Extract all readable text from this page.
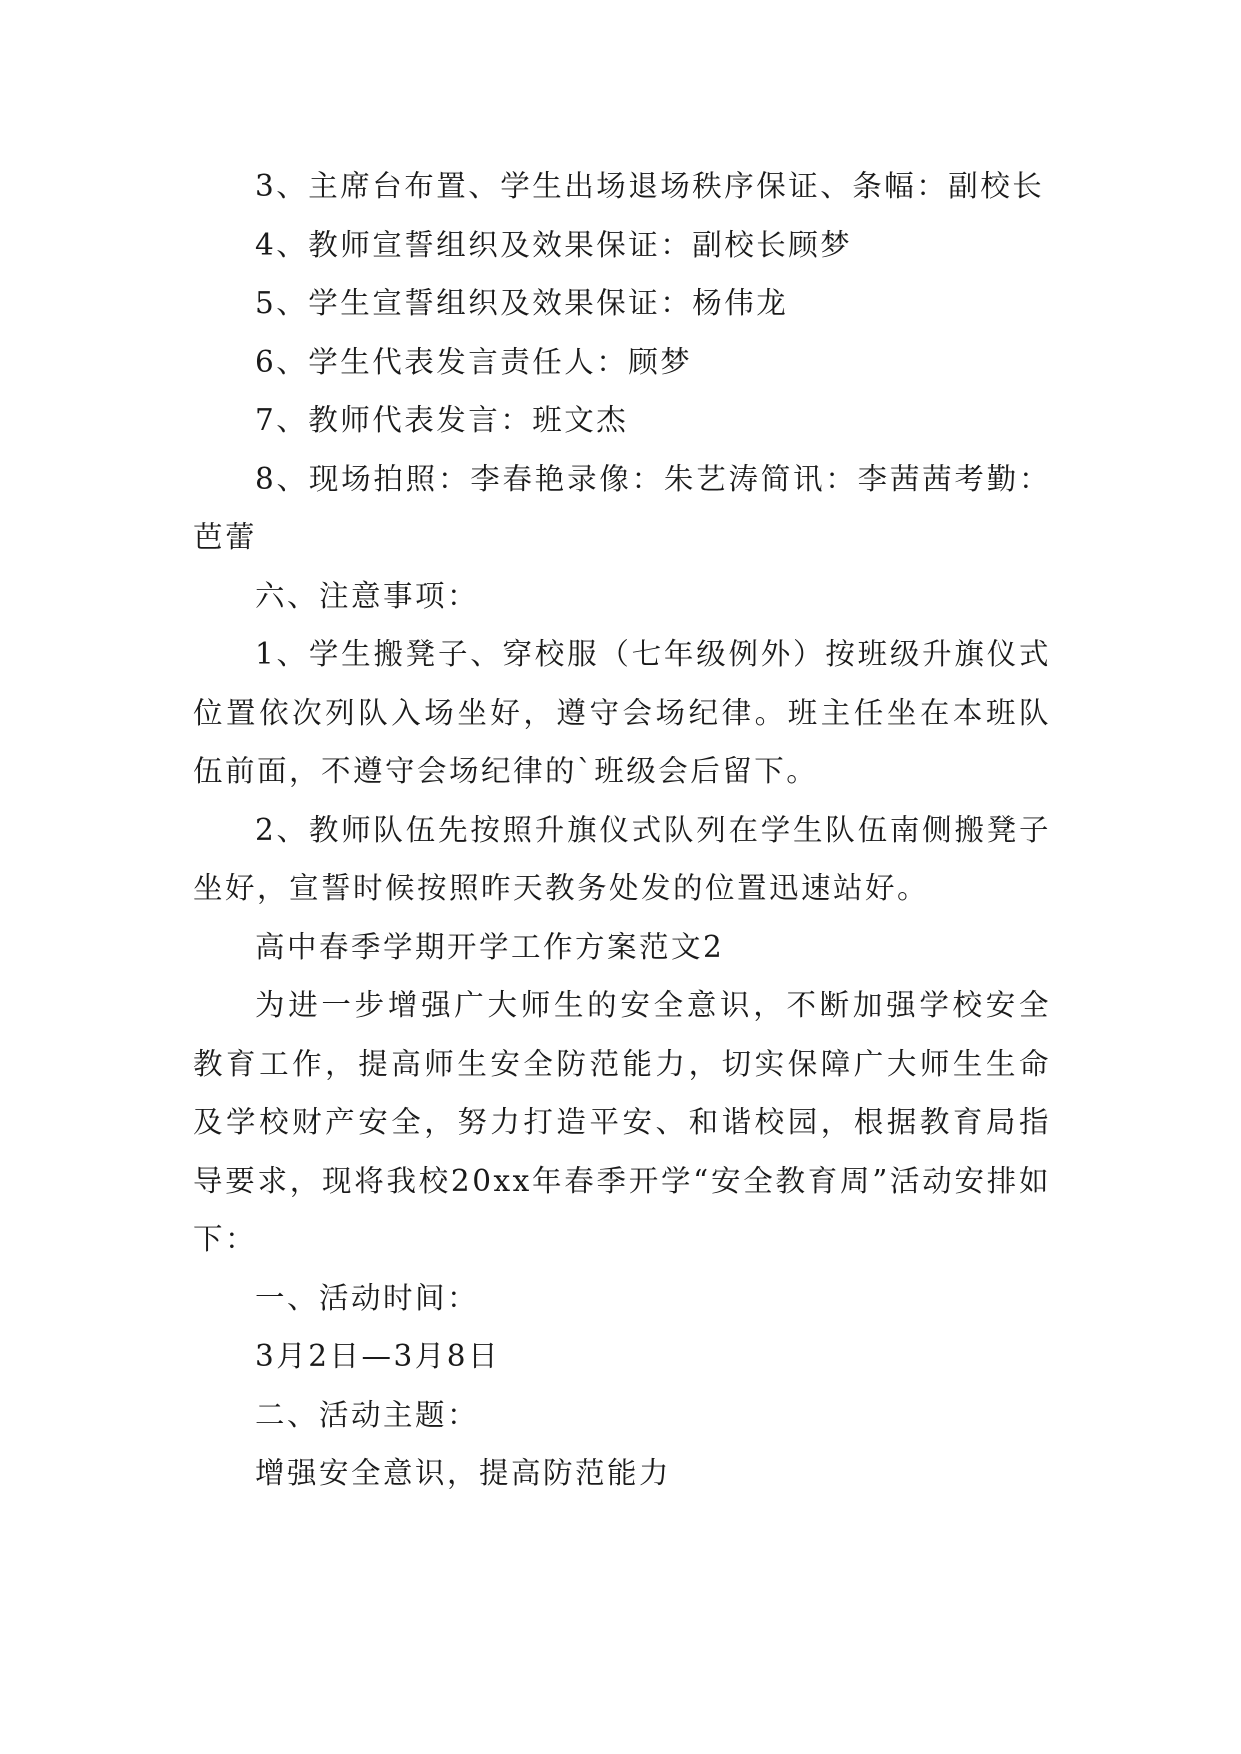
3、主席台布置、学生出场退场秩序保证、条幅：副校长

4、教师宣誓组织及效果保证：副校长顾梦

5、学生宣誓组织及效果保证：杨伟龙

6、学生代表发言责任人：顾梦

7、教师代表发言：班文杰

8、现场拍照：李春艳录像：朱艺涛简讯：李茜茜考勤：芭蕾

六、注意事项：

1、学生搬凳子、穿校服（七年级例外）按班级升旗仪式位置依次列队入场坐好，遵守会场纪律。班主任坐在本班队伍前面，不遵守会场纪律的`班级会后留下。

2、教师队伍先按照升旗仪式队列在学生队伍南侧搬凳子坐好，宣誓时候按照昨天教务处发的位置迅速站好。

高中春季学期开学工作方案范文2

为进一步增强广大师生的安全意识，不断加强学校安全教育工作，提高师生安全防范能力，切实保障广大师生生命及学校财产安全，努力打造平安、和谐校园，根据教育局指导要求，现将我校20xx年春季开学“安全教育周”活动安排如下：

一、活动时间：

3月2日—3月8日

二、活动主题：

增强安全意识，提高防范能力
